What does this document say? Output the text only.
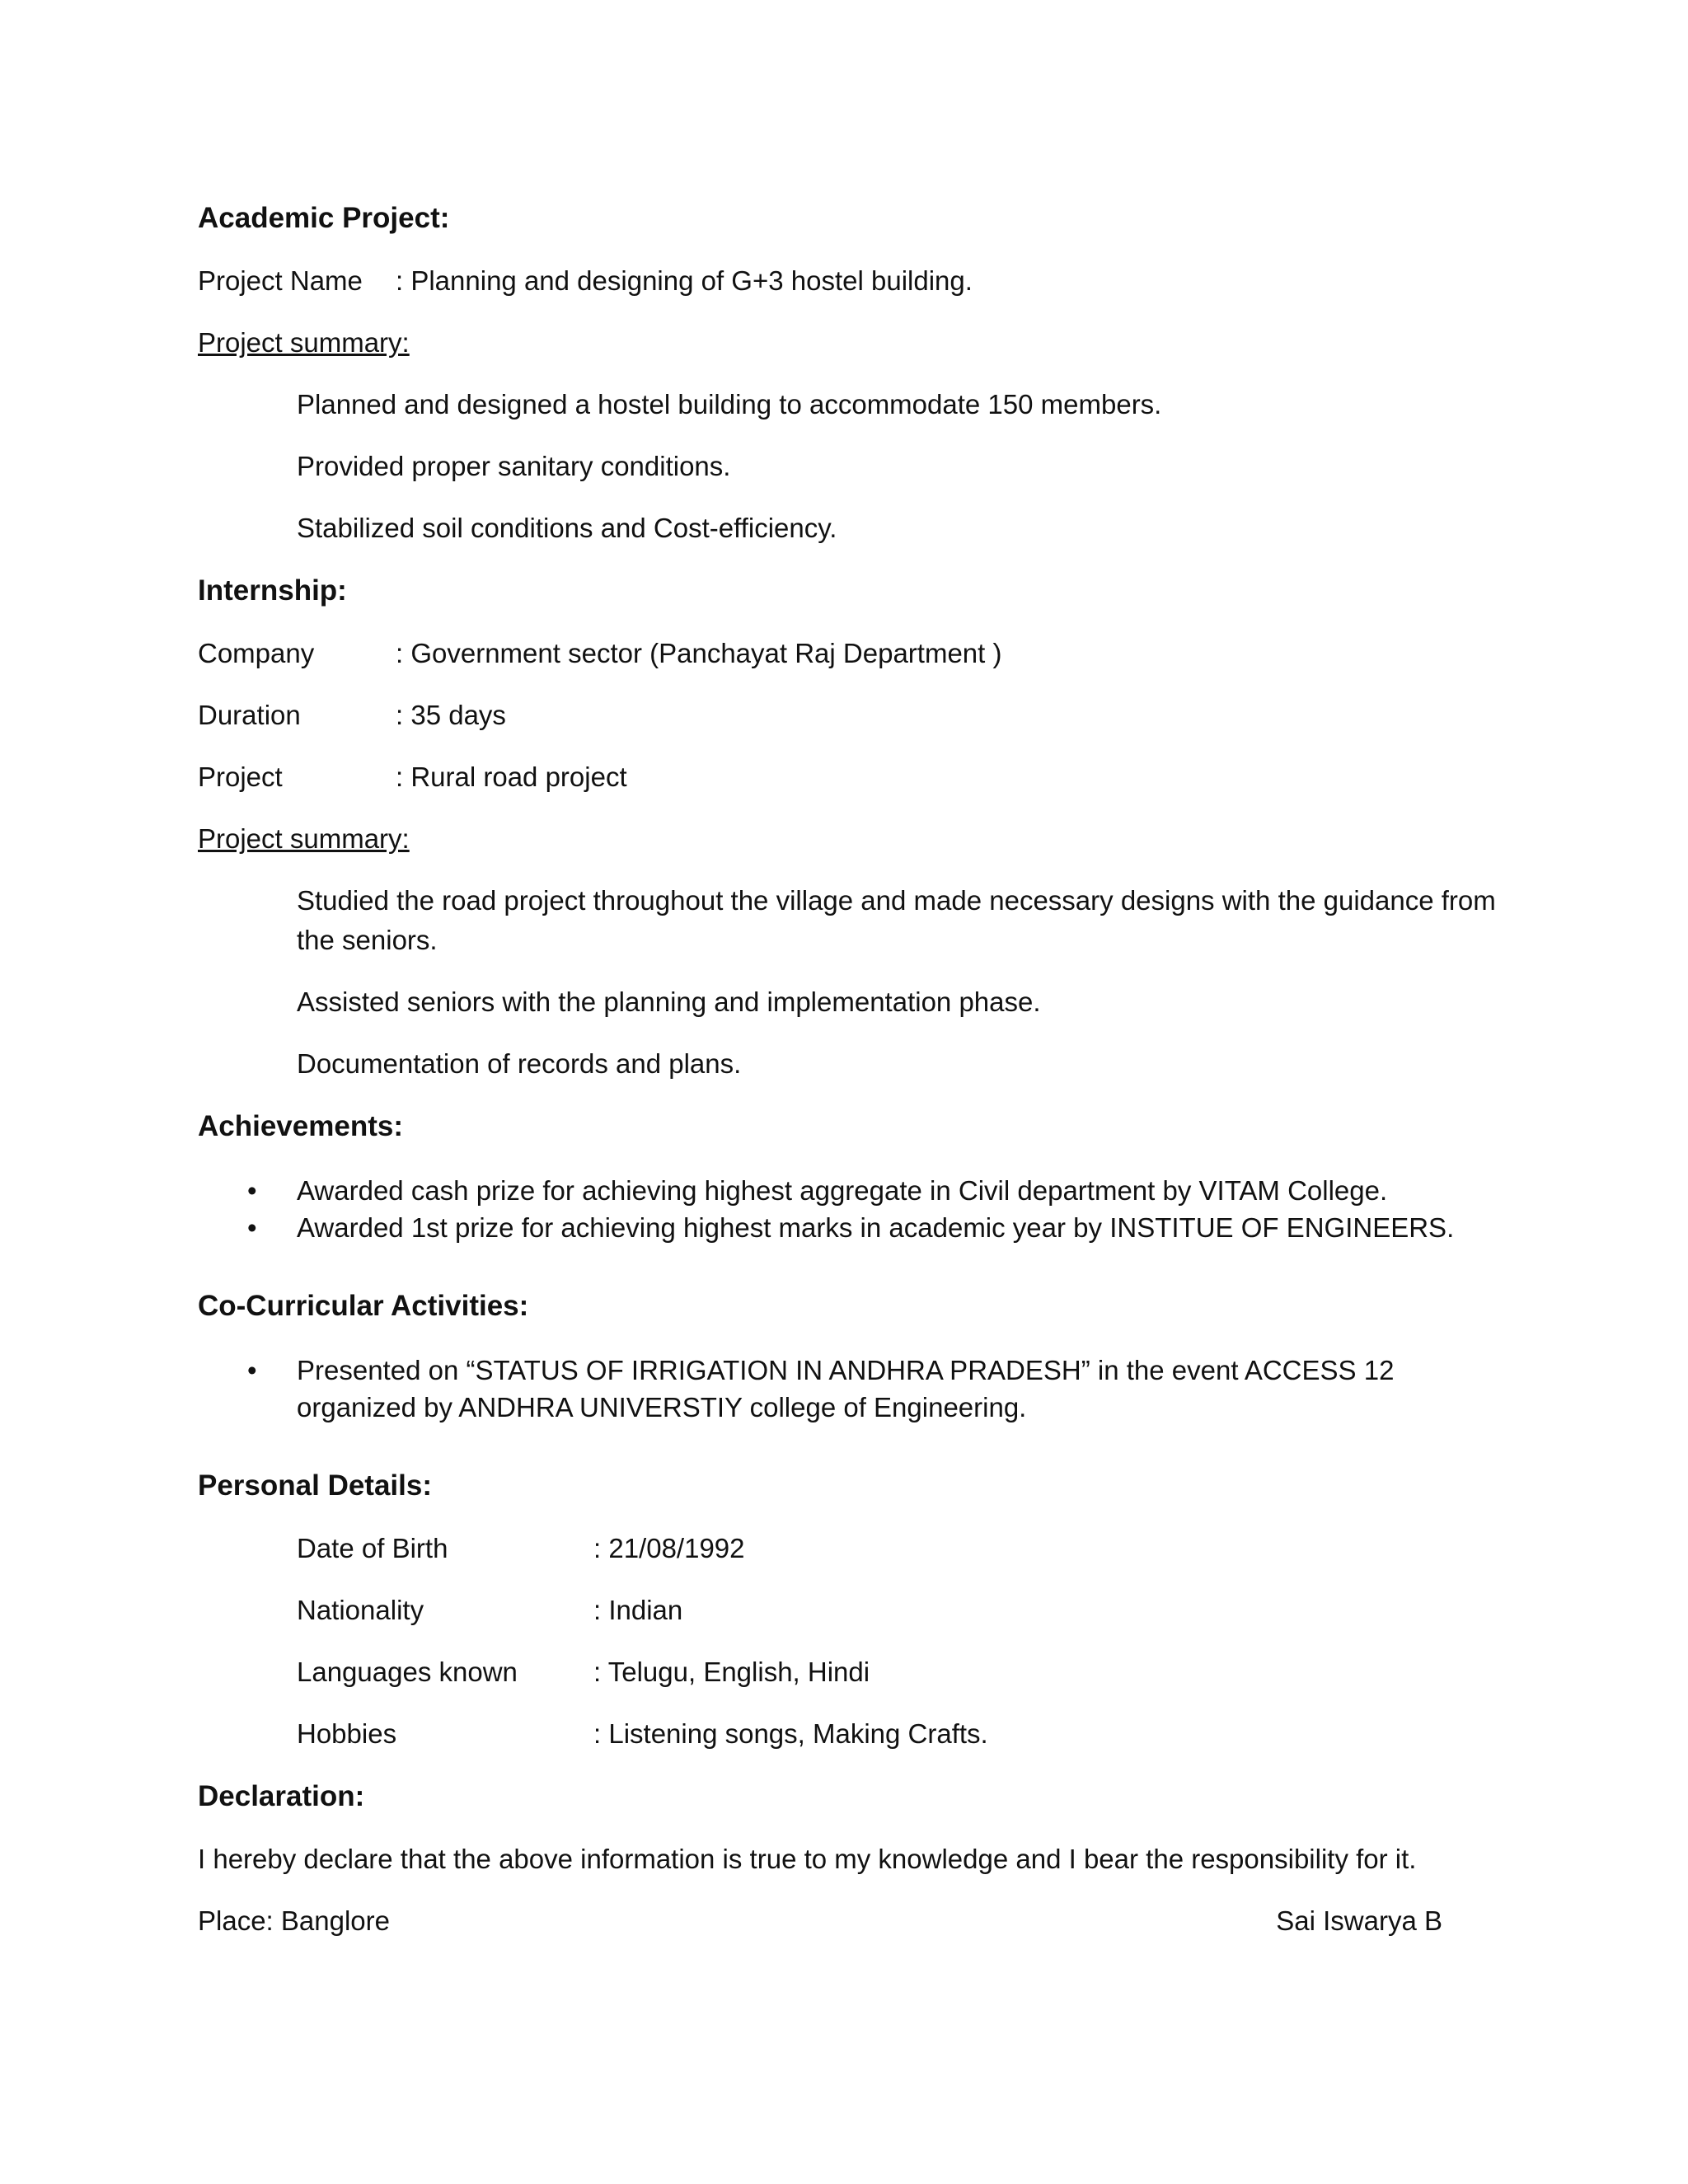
Academic Project:

Project Name	: Planning and designing of G+3 hostel building.

Project summary:

Planned and designed a hostel building to accommodate 150 members.

Provided proper sanitary conditions.

Stabilized soil conditions and Cost-efficiency.

Internship:

Company	: Government sector (Panchayat Raj Department )
Duration	: 35 days
Project	: Rural road project

Project summary:

Studied the road project throughout the village and made necessary designs with the guidance from the seniors.

Assisted seniors with the planning and implementation phase.

Documentation of records and plans.

Achievements:

• Awarded cash prize for achieving highest aggregate in Civil department by VITAM College.
• Awarded 1st prize for achieving highest marks in academic year by INSTITUE OF ENGINEERS.

Co-Curricular Activities:

• Presented on “STATUS OF IRRIGATION IN ANDHRA PRADESH” in the event ACCESS 12 organized by ANDHRA UNIVERSTIY college of Engineering.

Personal Details:

Date of Birth	: 21/08/1992
Nationality	: Indian
Languages known	: Telugu, English, Hindi
Hobbies	: Listening songs, Making Crafts.

Declaration:

I hereby declare that the above information is true to my knowledge and I bear the responsibility for it.

Place: Banglore	Sai Iswarya B
